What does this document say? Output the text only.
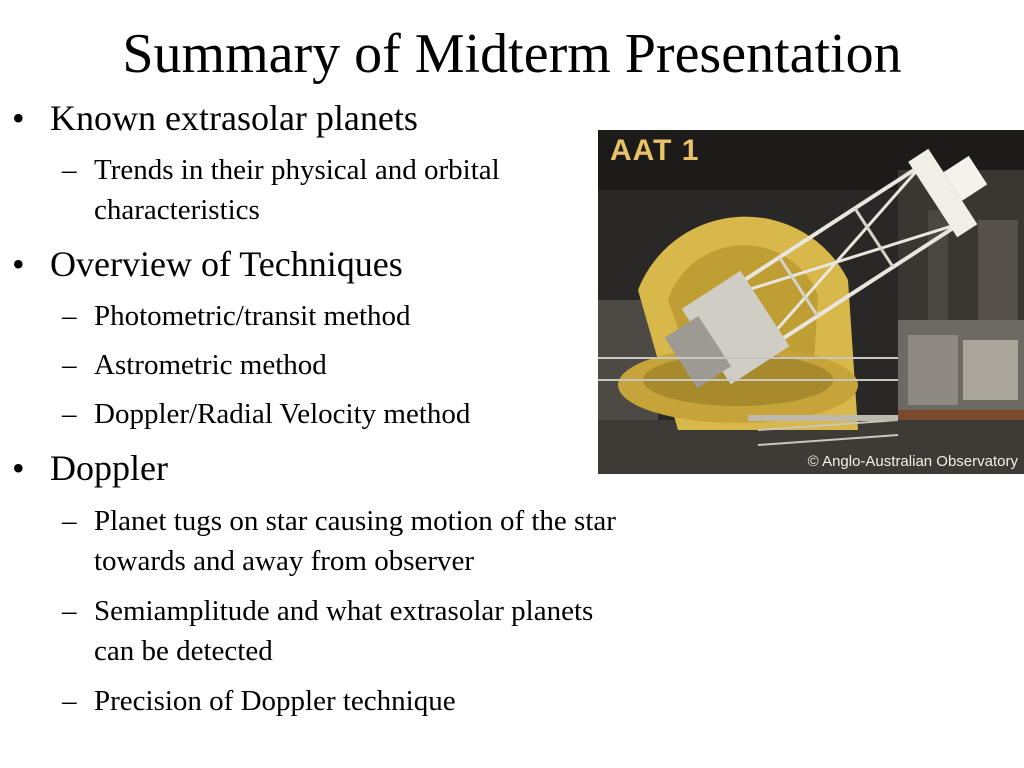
Summary of Midterm Presentation
• Known extrasolar planets
– Trends in their physical and orbital
characteristics
• Overview of Techniques
– Photometric/transit method
– Astrometric method
– Doppler/Radial Velocity method
• Doppler
– Planet tugs on star causing motion of the star
towards and away from observer
– Semiamplitude and what extrasolar planets
can be detected
– Precision of Doppler technique
AAT 1
© Anglo-Australian Observatory
